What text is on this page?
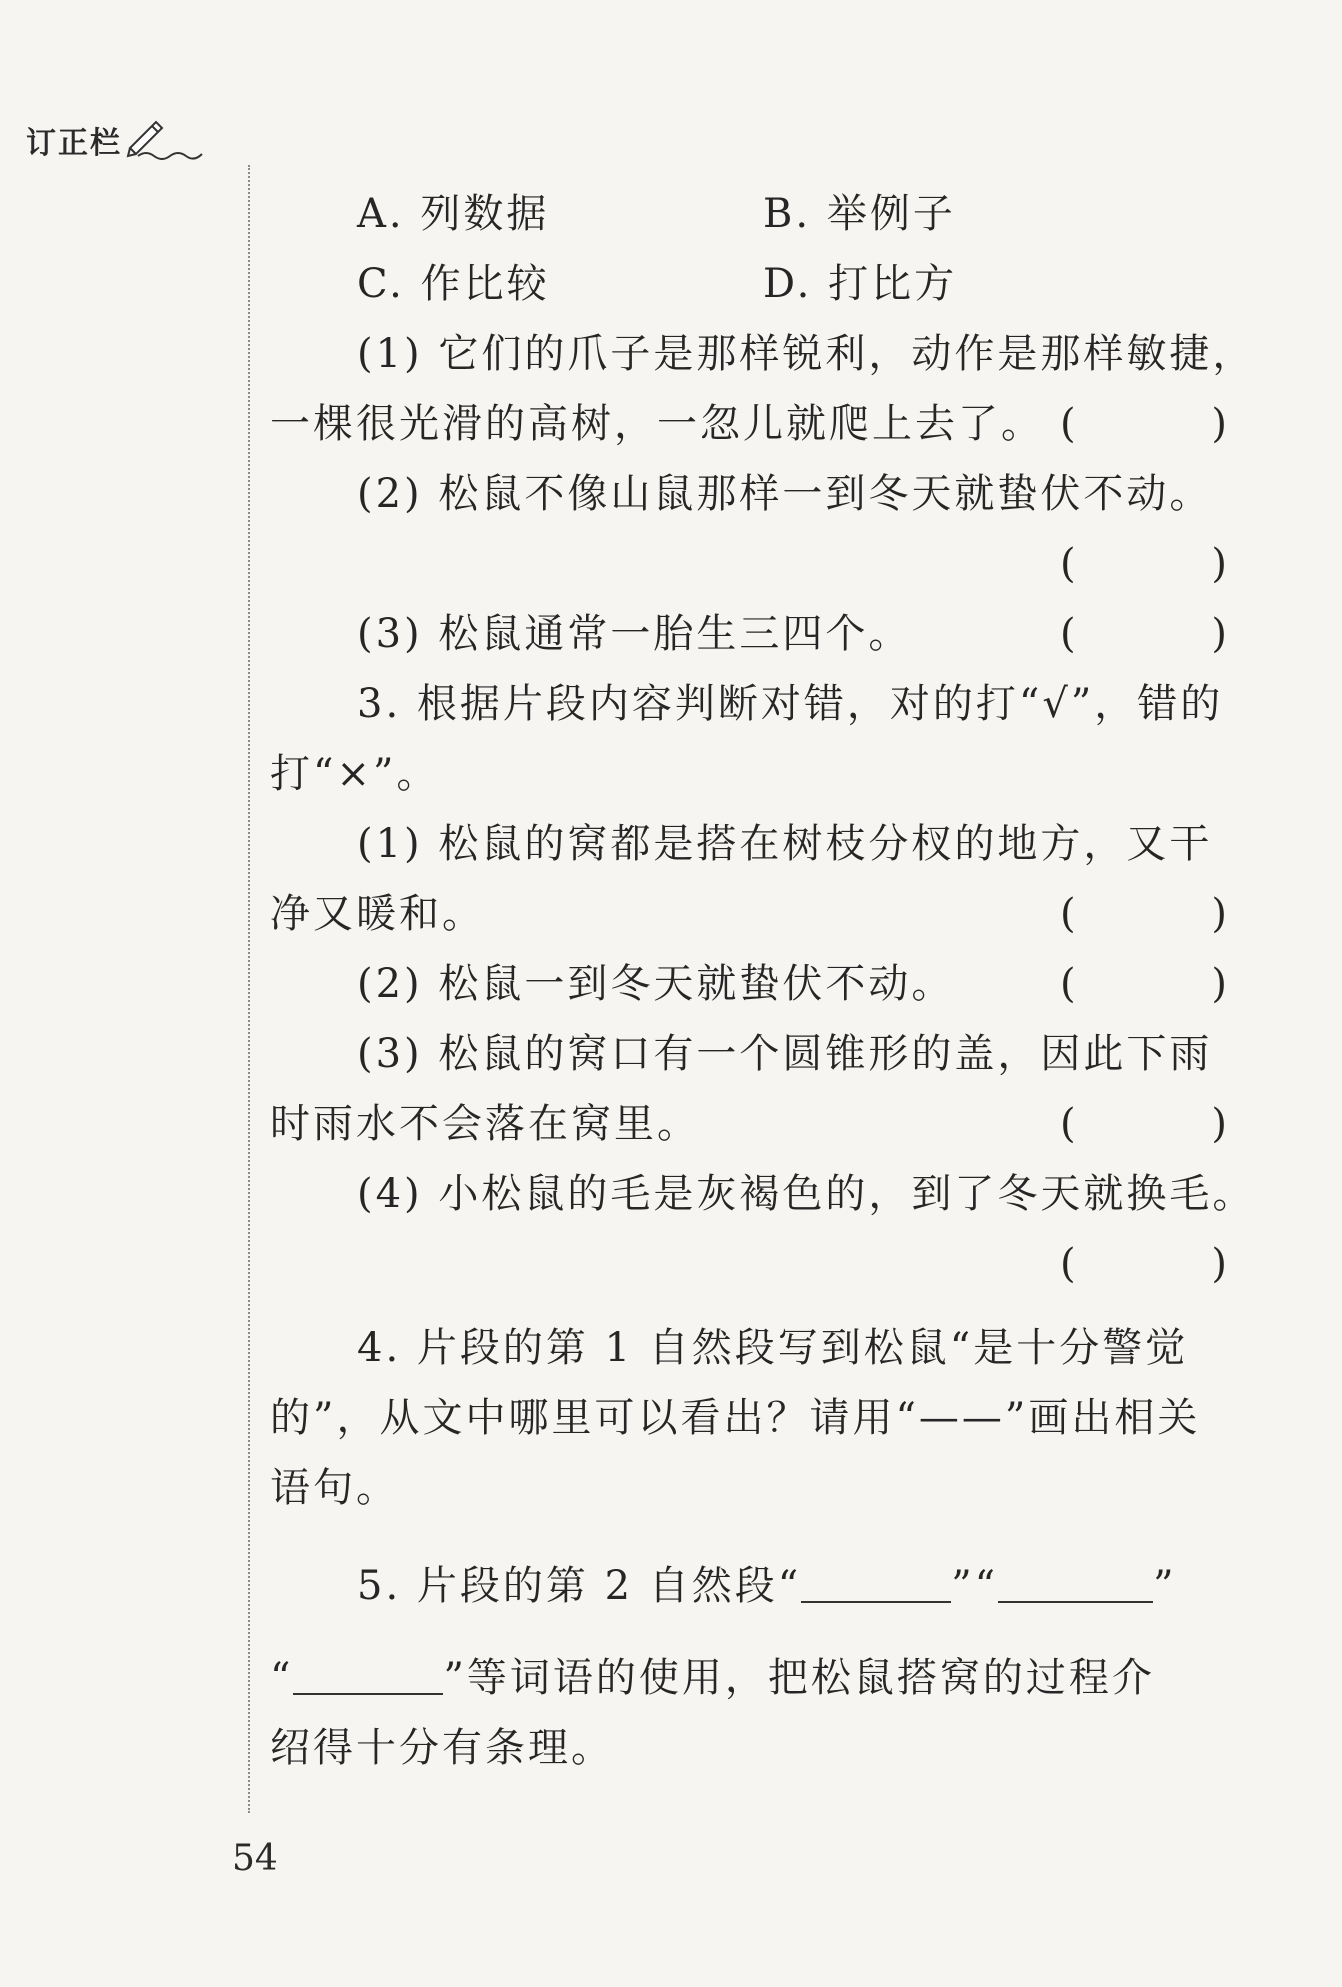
订正栏
A. 列数据	B. 举例子
C. 作比较	D. 打比方
(1) 它们的爪子是那样锐利，动作是那样敏捷，
一棵很光滑的高树，一忽儿就爬上去了。 (	)
(2) 松鼠不像山鼠那样一到冬天就蛰伏不动。
(	)
(3) 松鼠通常一胎生三四个。	(	)
3. 根据片段内容判断对错，对的打“√”，错的
打“×”。
(1) 松鼠的窝都是搭在树枝分杈的地方，又干
净又暖和。	(	)
(2) 松鼠一到冬天就蛰伏不动。	(	)
(3) 松鼠的窝口有一个圆锥形的盖，因此下雨
时雨水不会落在窝里。	(	)
(4) 小松鼠的毛是灰褐色的，到了冬天就换毛。
(	)
4. 片段的第 1 自然段写到松鼠“是十分警觉
的”，从文中哪里可以看出？请用“——”画出相关
语句。
5. 片段的第 2 自然段“	”“	”
“	”等词语的使用，把松鼠搭窝的过程介
绍得十分有条理。
54
